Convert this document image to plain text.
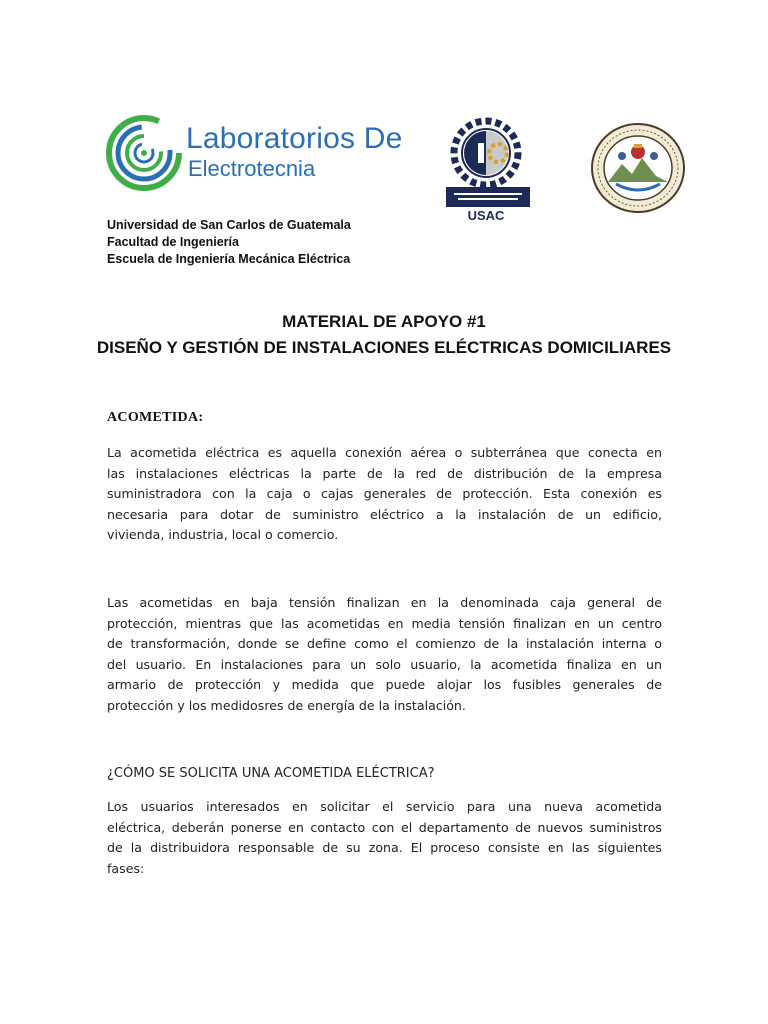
Laboratorios De
Electrotecnia
USAC
Universidad de San Carlos de Guatemala
Facultad de Ingeniería
Escuela de Ingeniería Mecánica Eléctrica
MATERIAL DE APOYO #1
DISEÑO Y GESTIÓN DE INSTALACIONES ELÉCTRICAS DOMICILIARES
ACOMETIDA:

La acometida eléctrica es aquella conexión aérea o subterránea que conecta en
las instalaciones eléctricas la parte de la red de distribución de la empresa
suministradora con la caja o cajas generales de protección. Esta conexión es
necesaria para dotar de suministro eléctrico a la instalación de un edificio,
vivienda, industria, local o comercio.

Las acometidas en baja tensión finalizan en la denominada caja general de
protección, mientras que las acometidas en media tensión finalizan en un centro
de transformación, donde se define como el comienzo de la instalación interna o
del usuario. En instalaciones para un solo usuario, la acometida finaliza en un
armario de protección y medida que puede alojar los fusibles generales de
protección y los medidosres de energía de la instalación.

¿CÓMO SE SOLICITA UNA ACOMETIDA ELÉCTRICA?

Los usuarios interesados en solicitar el servicio para una nueva acometida
eléctrica, deberán ponerse en contacto con el departamento de nuevos suministros
de la distribuidora responsable de su zona. El proceso consiste en las siguientes
fases:
